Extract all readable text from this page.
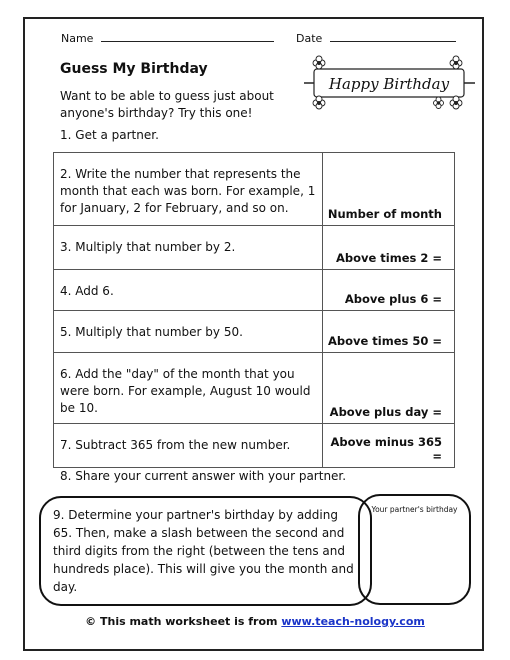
Name	Date
Guess My Birthday
Want to be able to guess just about anyone's birthday? Try this one!
Happy Birthday
1. Get a partner.
2. Write the number that represents the month that each was born. For example, 1 for January, 2 for February, and so on.	Number of month
3. Multiply that number by 2.	Above times 2 =
4. Add 6.	Above plus 6 =
5. Multiply that number by 50.	Above times 50 =
6. Add the "day" of the month that you were born. For example, August 10 would be 10.	Above plus day =
7. Subtract 365 from the new number.	Above minus 365 =
8. Share your current answer with your partner.
9. Determine your partner's birthday by adding 65. Then, make a slash between the second and third digits from the right (between the tens and hundreds place). This will give you the month and day.
Your partner's birthday
© This math worksheet is from www.teach-nology.com
